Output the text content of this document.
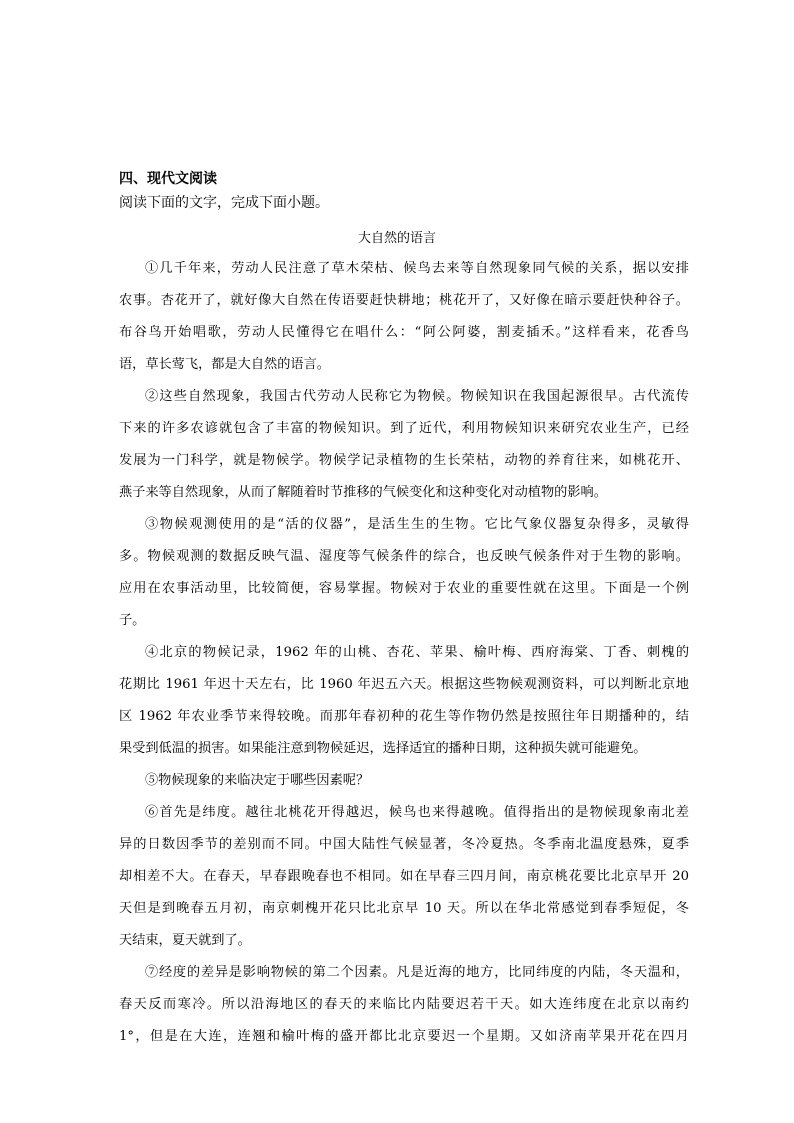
四、现代文阅读
阅读下面的文字，完成下面小题。
大自然的语言
①几千年来，劳动人民注意了草木荣枯、候鸟去来等自然现象同气候的关系，据以安排
农事。杏花开了，就好像大自然在传语要赶快耕地；桃花开了，又好像在暗示要赶快种谷子。
布谷鸟开始唱歌，劳动人民懂得它在唱什么：“阿公阿婆，割麦插禾。”这样看来，花香鸟
语，草长莺飞，都是大自然的语言。
②这些自然现象，我国古代劳动人民称它为物候。物候知识在我国起源很早。古代流传
下来的许多农谚就包含了丰富的物候知识。到了近代，利用物候知识来研究农业生产，已经
发展为一门科学，就是物候学。物候学记录植物的生长荣枯，动物的养育往来，如桃花开、
燕子来等自然现象，从而了解随着时节推移的气候变化和这种变化对动植物的影响。
③物候观测使用的是“活的仪器”，是活生生的生物。它比气象仪器复杂得多，灵敏得
多。物候观测的数据反映气温、湿度等气候条件的综合，也反映气候条件对于生物的影响。
应用在农事活动里，比较简便，容易掌握。物候对于农业的重要性就在这里。下面是一个例
子。
④北京的物候记录，1962 年的山桃、杏花、苹果、榆叶梅、西府海棠、丁香、刺槐的
花期比 1961 年迟十天左右，比 1960 年迟五六天。根据这些物候观测资料，可以判断北京地
区 1962 年农业季节来得较晚。而那年春初种的花生等作物仍然是按照往年日期播种的，结
果受到低温的损害。如果能注意到物候延迟，选择适宜的播种日期，这种损失就可能避免。
⑤物候现象的来临决定于哪些因素呢？
⑥首先是纬度。越往北桃花开得越迟，候鸟也来得越晚。值得指出的是物候现象南北差
异的日数因季节的差别而不同。中国大陆性气候显著，冬冷夏热。冬季南北温度悬殊，夏季
却相差不大。在春天，早春跟晚春也不相同。如在早春三四月间，南京桃花要比北京早开 20
天但是到晚春五月初，南京刺槐开花只比北京早 10 天。所以在华北常感觉到春季短促，冬
天结束，夏天就到了。
⑦经度的差异是影响物候的第二个因素。凡是近海的地方，比同纬度的内陆，冬天温和，
春天反而寒冷。所以沿海地区的春天的来临比内陆要迟若干天。如大连纬度在北京以南约
1°，但是在大连，连翘和榆叶梅的盛开都比北京要迟一个星期。又如济南苹果开花在四月
